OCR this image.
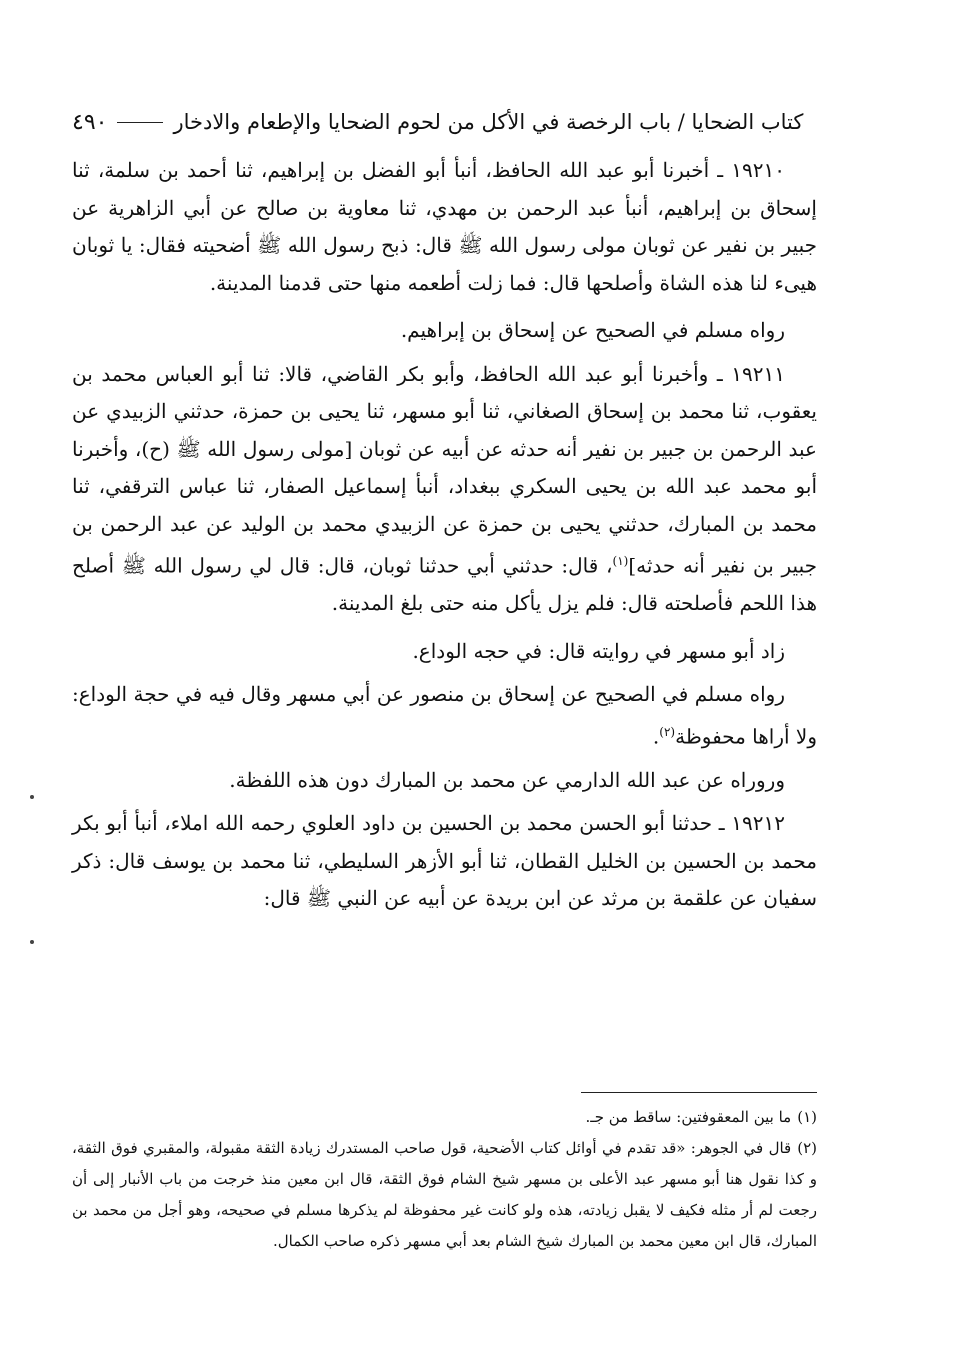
كتاب الضحايا / باب الرخصة في الأكل من لحوم الضحايا والإطعام والادخار
٤٩٠

١٩٢١٠ ـ أخبرنا أبو عبد الله الحافظ، أنبأ أبو الفضل بن إبراهيم، ثنا أحمد بن سلمة، ثنا إسحاق بن إبراهيم، أنبأ عبد الرحمن بن مهدي، ثنا معاوية بن صالح عن أبي الزاهرية عن جبير بن نفير عن ثوبان مولى رسول الله ﷺ قال: ذبح رسول الله ﷺ أضحيته فقال: يا ثوبان هيىء لنا هذه الشاة وأصلحها قال: فما زلت أطعمه منها حتى قدمنا المدينة.

رواه مسلم في الصحيح عن إسحاق بن إبراهيم.

١٩٢١١ ـ وأخبرنا أبو عبد الله الحافظ، وأبو بكر القاضي، قالا: ثنا أبو العباس محمد بن يعقوب، ثنا محمد بن إسحاق الصغاني، ثنا أبو مسهر، ثنا يحيى بن حمزة، حدثني الزبيدي عن عبد الرحمن بن جبير بن نفير أنه حدثه عن أبيه عن ثوبان [مولى رسول الله ﷺ (ح)، وأخبرنا أبو محمد عبد الله بن يحيى السكري ببغداد، أنبأ إسماعيل الصفار، ثنا عباس الترقفي، ثنا محمد بن المبارك، حدثني يحيى بن حمزة عن الزبيدي محمد بن الوليد عن عبد الرحمن بن جبير بن نفير أنه حدثه]$^{(١)}$، قال: حدثني أبي حدثنا ثوبان، قال: قال لي رسول الله ﷺ أصلح هذا اللحم فأصلحته قال: فلم يزل يأكل منه حتى بلغ المدينة.

زاد أبو مسهر في روايته قال: في حجه الوداع.

رواه مسلم في الصحيح عن إسحاق بن منصور عن أبي مسهر وقال فيه في حجة الوداع: ولا أراها محفوظة$^{(٢)}$.

وروراه عن عبد الله الدارمي عن محمد بن المبارك دون هذه اللفظة.

١٩٢١٢ ـ حدثنا أبو الحسن محمد بن الحسين بن داود العلوي رحمه الله املاء، أنبأ أبو بكر محمد بن الحسين بن الخليل القطان، ثنا أبو الأزهر السليطي، ثنا محمد بن يوسف قال: ذكر سفيان عن علقمة بن مرثد عن ابن بريدة عن أبيه عن النبي ﷺ قال:

(١)ما بين المعقوفتين: ساقط من جـ.

(٢)قال في الجوهر: «قد تقدم في أوائل كتاب الأضحية، قول صاحب المستدرك زيادة الثقة مقبولة، والمقبري فوق الثقة، و كذا نقول هنا أبو مسهر عبد الأعلى بن مسهر شيخ الشام فوق الثقة، قال ابن معين منذ خرجت من باب الأنبار إلى أن رجعت لم أر مثله فكيف لا يقبل زيادته، هذه ولو كانت غير محفوظة لم يذكرها مسلم في صحيحه، وهو أجل من محمد بن المبارك، قال ابن معين محمد بن المبارك شيخ الشام بعد أبي مسهر ذكره صاحب الكمال.
